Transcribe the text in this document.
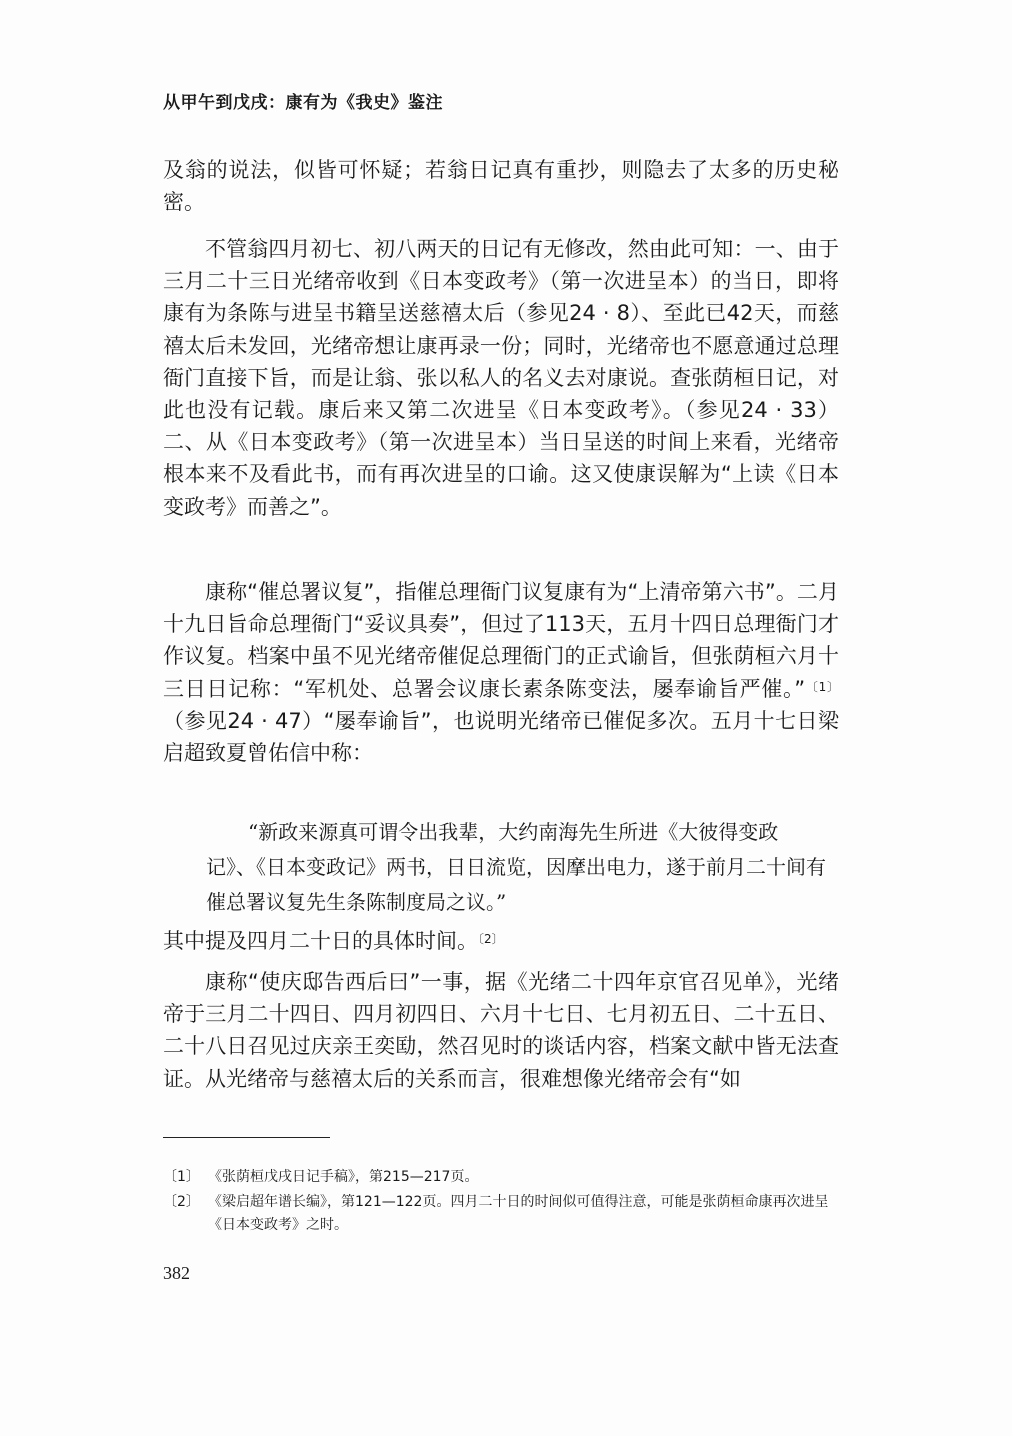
从甲午到戊戌：康有为《我史》鉴注

及翁的说法，似皆可怀疑；若翁日记真有重抄，则隐去了太多的历史秘密。

不管翁四月初七、初八两天的日记有无修改，然由此可知：一、由于三月二十三日光绪帝收到《日本变政考》（第一次进呈本）的当日，即将康有为条陈与进呈书籍呈送慈禧太后（参见24 · 8）、至此已42天，而慈禧太后未发回，光绪帝想让康再录一份；同时，光绪帝也不愿意通过总理衙门直接下旨，而是让翁、张以私人的名义去对康说。查张荫桓日记，对此也没有记载。康后来又第二次进呈《日本变政考》。（参见24 · 33）二、从《日本变政考》（第一次进呈本）当日呈送的时间上来看，光绪帝根本来不及看此书，而有再次进呈的口谕。这又使康误解为“上读《日本变政考》而善之”。

康称“催总署议复”，指催总理衙门议复康有为“上清帝第六书”。二月十九日旨命总理衙门“妥议具奏”，但过了113天，五月十四日总理衙门才作议复。档案中虽不见光绪帝催促总理衙门的正式谕旨，但张荫桓六月十三日日记称：“军机处、总署会议康长素条陈变法，屡奉谕旨严催。”$^{〔1〕}$（参见24 · 47）“屡奉谕旨”，也说明光绪帝已催促多次。五月十七日梁启超致夏曾佑信中称：

“新政来源真可谓令出我辈，大约南海先生所进《大彼得变政
记》、《日本变政记》两书，日日流览，因摩出电力，遂于前月二十间有催总署议复先生条陈制度局之议。”

其中提及四月二十日的具体时间。$^{〔2〕}$

康称“使庆邸告西后曰”一事，据《光绪二十四年京官召见单》，光绪帝于三月二十四日、四月初四日、六月十七日、七月初五日、二十五日、二十八日召见过庆亲王奕劻，然召见时的谈话内容，档案文献中皆无法查证。从光绪帝与慈禧太后的关系而言，很难想像光绪帝会有“如

〔1〕 《张荫桓戊戌日记手稿》，第215—217页。
〔2〕 《梁启超年谱长编》，第121—122页。四月二十日的时间似可值得注意，可能是张荫桓命康再次进呈《日本变政考》之时。
382
